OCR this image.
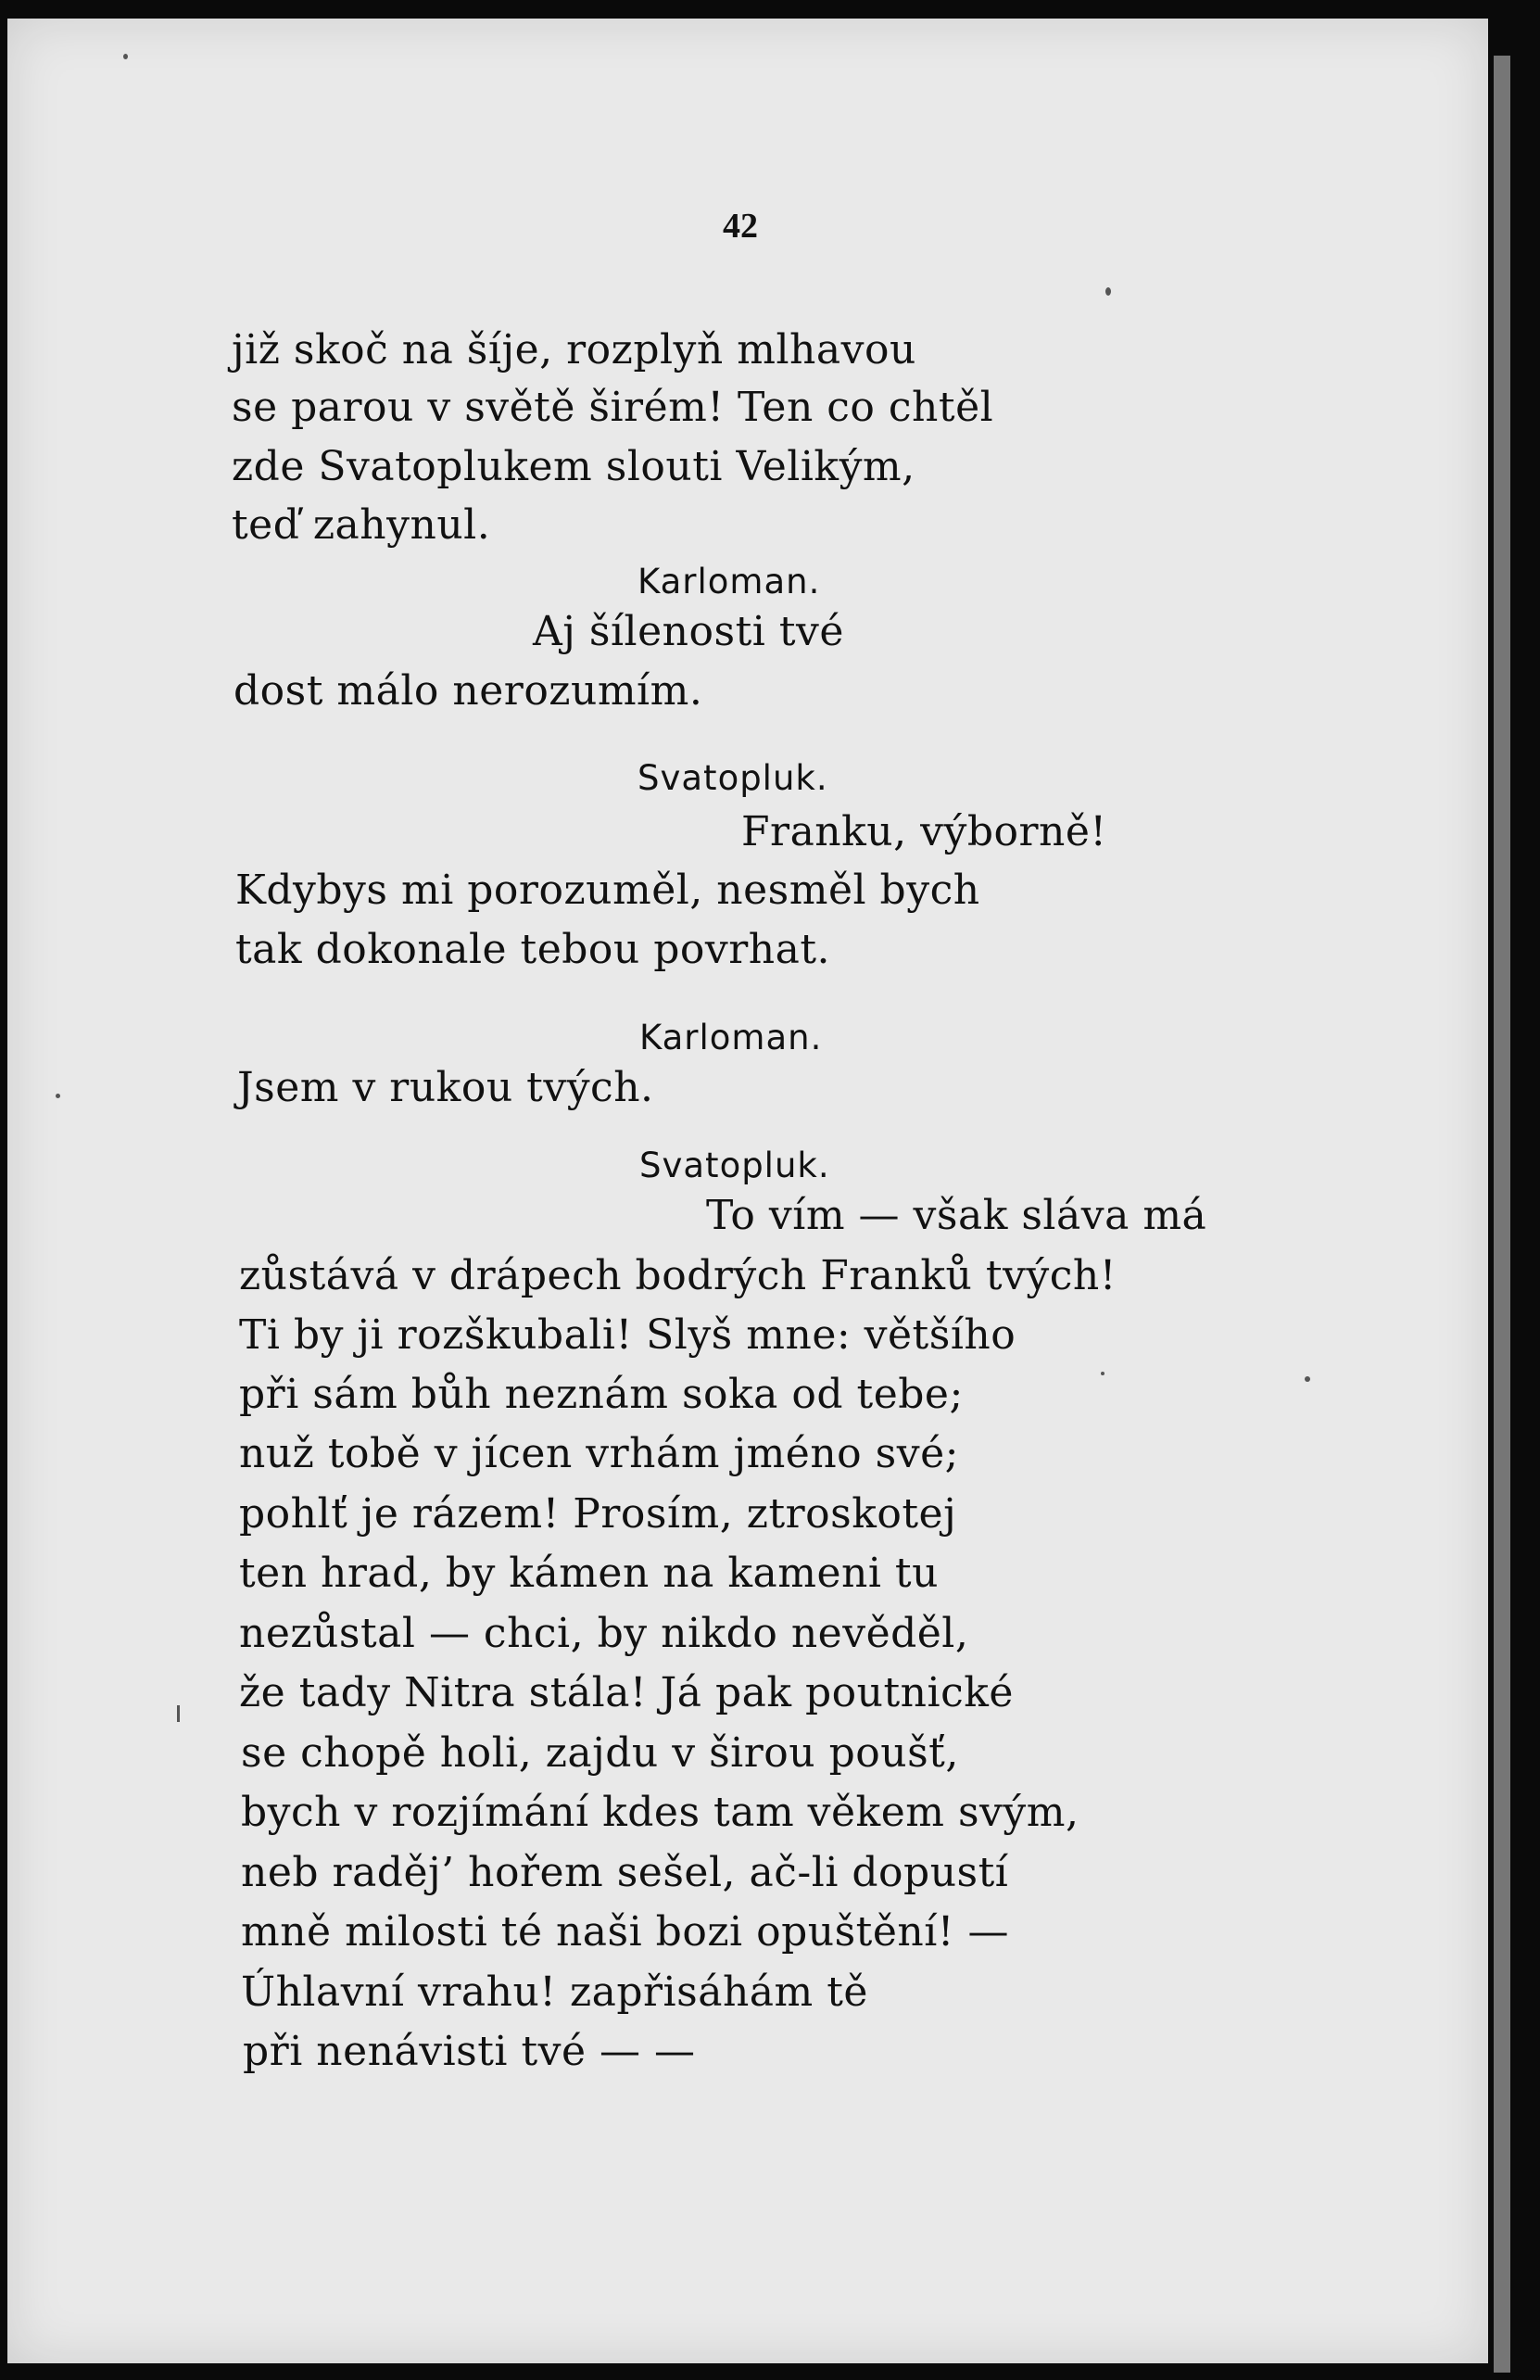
42
již skoč na šíje, rozplyň mlhavou
se parou v světě širém! Ten co chtěl
zde Svatoplukem slouti Velikým,
teď zahynul.
Karloman.
Aj šílenosti tvé
dost málo nerozumím.
Svatopluk.
Franku, výborně!
Kdybys mi porozuměl, nesměl bych
tak dokonale tebou povrhat.
Karloman.
Jsem v rukou tvých.
Svatopluk.
To vím — však sláva má
zůstává v drápech bodrých Franků tvých!
Ti by ji rozškubali! Slyš mne: většího
při sám bůh neznám soka od tebe;
nuž tobě v jícen vrhám jméno své;
pohlť je rázem! Prosím, ztroskotej
ten hrad, by kámen na kameni tu
nezůstal — chci, by nikdo nevěděl,
že tady Nitra stála! Já pak poutnické
se chopě holi, zajdu v širou poušť,
bych v rozjímání kdes tam věkem svým,
neb raděj’ hořem sešel, ač-li dopustí
mně milosti té naši bozi opuštění! —
Úhlavní vrahu! zapřisáhám tě
při nenávisti tvé — —
